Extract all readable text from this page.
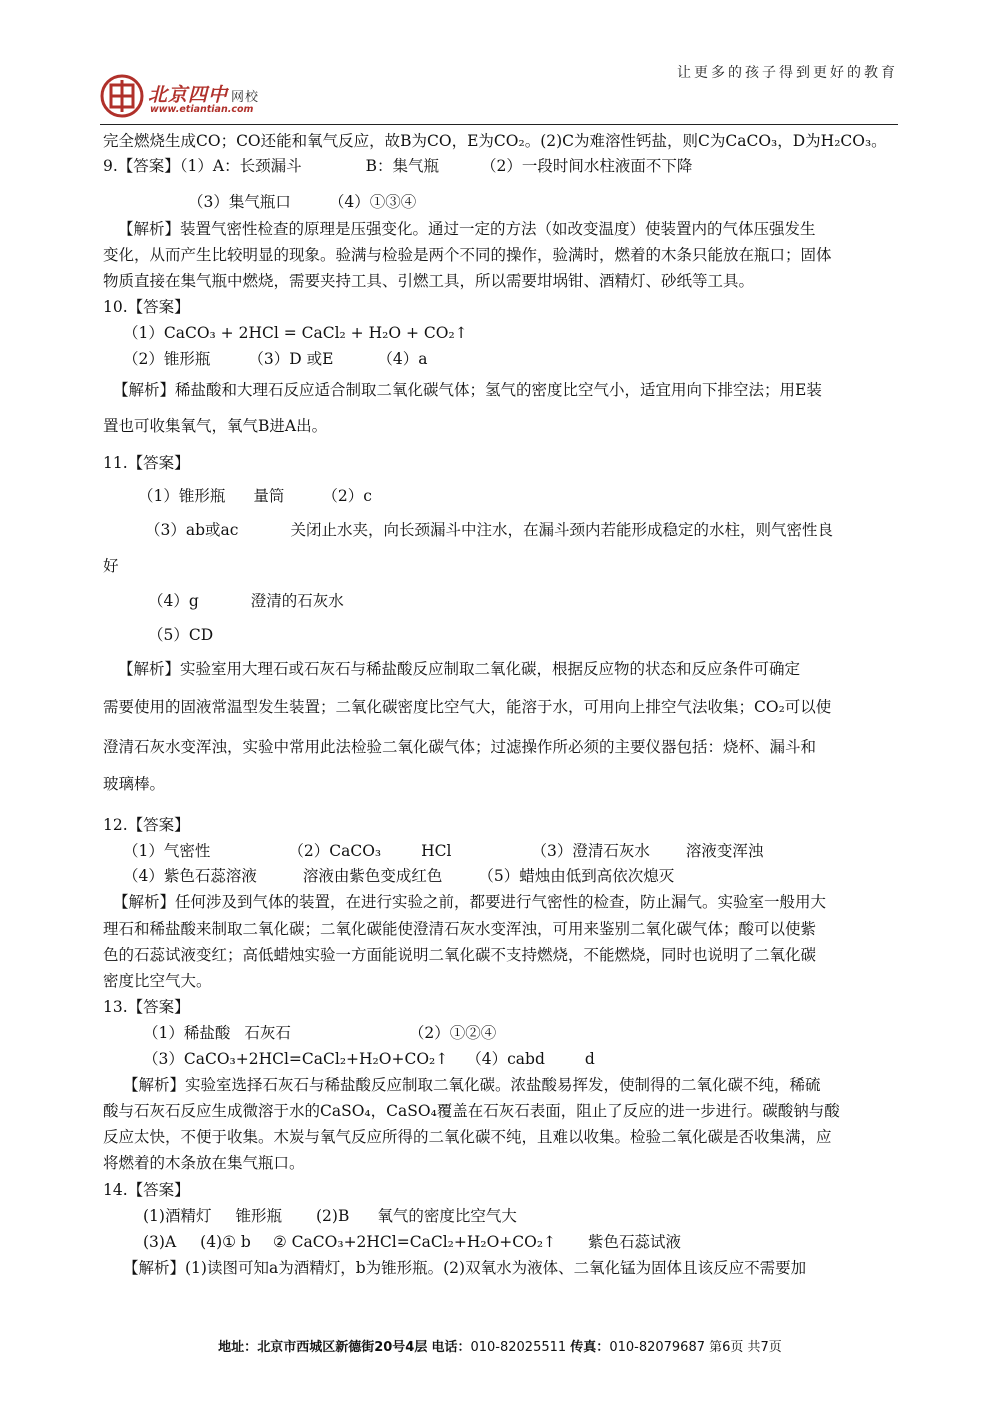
北京四中 网校
www.etiantian.com
让更多的孩子得到更好的教育
完全燃烧生成CO；CO还能和氧气反应，故B为CO，E为CO₂。(2)C为难溶性钙盐，则C为CaCO₃，D为H₂CO₃。
9.【答案】（1）A：长颈漏斗	B：集气瓶	（2）一段时间水柱液面不下降
（3）集气瓶口 （4）①③④
【解析】装置气密性检查的原理是压强变化。通过一定的方法（如改变温度）使装置内的气体压强发生
变化，从而产生比较明显的现象。验满与检验是两个不同的操作，验满时，燃着的木条只能放在瓶口；固体
物质直接在集气瓶中燃烧，需要夹持工具、引燃工具，所以需要坩埚钳、酒精灯、砂纸等工具。
10.【答案】
（1）CaCO₃ + 2HCl = CaCl₂ + H₂O + CO₂↑
（2）锥形瓶 （3）D 或E	（4）a
【解析】稀盐酸和大理石反应适合制取二氧化碳气体；氢气的密度比空气小，适宜用向下排空法；用E装
置也可收集氧气，氧气B进A出。
11.【答案】
（1）锥形瓶 量筒 （2）c
（3）ab或ac	关闭止水夹，向长颈漏斗中注水，在漏斗颈内若能形成稳定的水柱，则气密性良
好
（4）g	澄清的石灰水
（5）CD
【解析】实验室用大理石或石灰石与稀盐酸反应制取二氧化碳，根据反应物的状态和反应条件可确定
需要使用的固液常温型发生装置；二氧化碳密度比空气大，能溶于水，可用向上排空气法收集；CO₂可以使
澄清石灰水变浑浊，实验中常用此法检验二氧化碳气体；过滤操作所必须的主要仪器包括：烧杯、漏斗和
玻璃棒。
12.【答案】
（1）气密性	（2）CaCO₃	HCl	（3）澄清石灰水 溶液变浑浊
（4）紫色石蕊溶液	溶液由紫色变成红色 （5）蜡烛由低到高依次熄灭
【解析】任何涉及到气体的装置，在进行实验之前，都要进行气密性的检查，防止漏气。实验室一般用大
理石和稀盐酸来制取二氧化碳；二氧化碳能使澄清石灰水变浑浊，可用来鉴别二氧化碳气体；酸可以使紫
色的石蕊试液变红；高低蜡烛实验一方面能说明二氧化碳不支持燃烧，不能燃烧，同时也说明了二氧化碳
密度比空气大。
13.【答案】
（1）稀盐酸 石灰石	（2）①②④
（3）CaCO₃+2HCl=CaCl₂+H₂O+CO₂↑ （4）cabd	d
【解析】实验室选择石灰石与稀盐酸反应制取二氧化碳。浓盐酸易挥发，使制得的二氧化碳不纯，稀硫
酸与石灰石反应生成微溶于水的CaSO₄，CaSO₄覆盖在石灰石表面，阻止了反应的进一步进行。碳酸钠与酸
反应太快，不便于收集。木炭与氧气反应所得的二氧化碳不纯，且难以收集。检验二氧化碳是否收集满，应
将燃着的木条放在集气瓶口。
14.【答案】
(1)酒精灯 锥形瓶 (2)B 氧气的密度比空气大
(3)A (4)① b ② CaCO₃+2HCl=CaCl₂+H₂O+CO₂↑ 紫色石蕊试液
【解析】(1)读图可知a为酒精灯，b为锥形瓶。(2)双氧水为液体、二氧化锰为固体且该反应不需要加
地址：北京市西城区新德街20号4层 电话：010-82025511 传真：010-82079687 第6页 共7页
